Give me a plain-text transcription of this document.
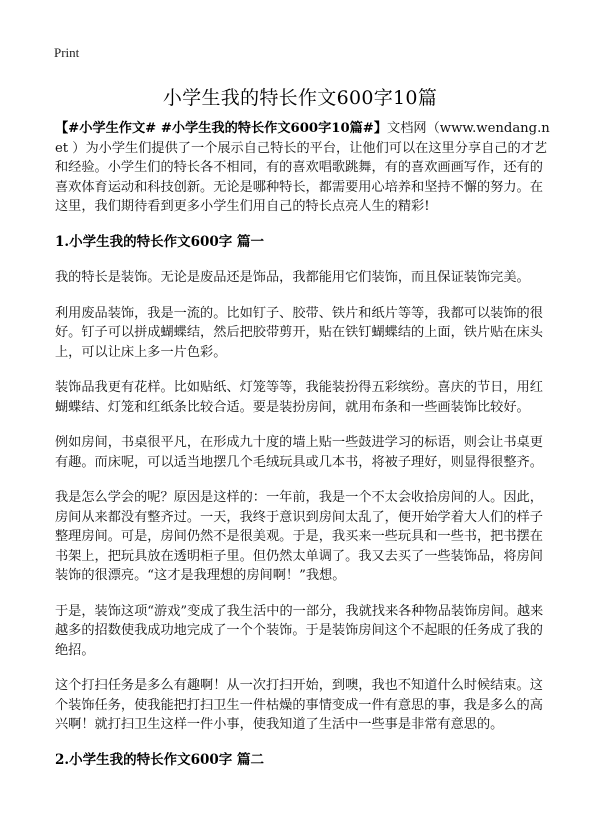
Print
小学生我的特长作文600字10篇

【#小学生作文# #小学生我的特长作文600字10篇#】文档网（www.wendang.net ）为小学生们提供了一个展示自己特长的平台，让他们可以在这里分享自己的才艺和经验。小学生们的特长各不相同，有的喜欢唱歌跳舞，有的喜欢画画写作，还有的喜欢体育运动和科技创新。无论是哪种特长，都需要用心培养和坚持不懈的努力。在这里，我们期待看到更多小学生们用自己的特长点亮人生的精彩!

1.小学生我的特长作文600字 篇一

我的特长是装饰。无论是废品还是饰品，我都能用它们装饰，而且保证装饰完美。

利用废品装饰，我是一流的。比如钉子、胶带、铁片和纸片等等，我都可以装饰的很好。钉子可以拼成蝴蝶结，然后把胶带剪开，贴在铁钉蝴蝶结的上面，铁片贴在床头上，可以让床上多一片色彩。

装饰品我更有花样。比如贴纸、灯笼等等，我能装扮得五彩缤纷。喜庆的节日，用红蝴蝶结、灯笼和红纸条比较合适。要是装扮房间，就用布条和一些画装饰比较好。

例如房间，书桌很平凡，在形成九十度的墙上贴一些鼓进学习的标语，则会让书桌更有趣。而床呢，可以适当地摆几个毛绒玩具或几本书，将被子理好，则显得很整齐。

我是怎么学会的呢？原因是这样的：一年前，我是一个不太会收拾房间的人。因此，房间从来都没有整齐过。一天，我终于意识到房间太乱了，便开始学着大人们的样子整理房间。可是，房间仍然不是很美观。于是，我买来一些玩具和一些书，把书摆在书架上，把玩具放在透明柜子里。但仍然太单调了。我又去买了一些装饰品，将房间装饰的很漂亮。“这才是我理想的房间啊！”我想。

于是，装饰这项“游戏”变成了我生活中的一部分，我就找来各种物品装饰房间。越来越多的招数使我成功地完成了一个个装饰。于是装饰房间这个不起眼的任务成了我的绝招。

这个打扫任务是多么有趣啊！从一次打扫开始，到噢，我也不知道什么时候结束。这个装饰任务，使我能把打扫卫生一件枯燥的事情变成一件有意思的事，我是多么的高兴啊！就打扫卫生这样一件小事，使我知道了生活中一些事是非常有意思的。

2.小学生我的特长作文600字 篇二
